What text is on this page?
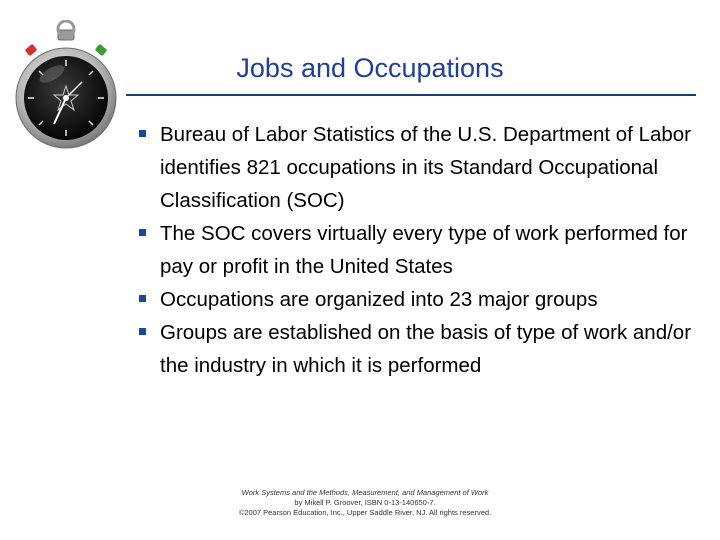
Jobs and Occupations
Bureau of Labor Statistics of the U.S. Department of Labor identifies 821 occupations in its Standard Occupational Classification (SOC)
The SOC covers virtually every type of work performed for pay or profit in the United States
Occupations are organized into 23 major groups
Groups are established on the basis of type of work and/or the industry in which it is performed
Work Systems and the Methods, Measurement, and Management of Work
by Mikell P. Groover, ISBN 0-13-140650-7.
©2007 Pearson Education, Inc., Upper Saddle River, NJ. All rights reserved.
